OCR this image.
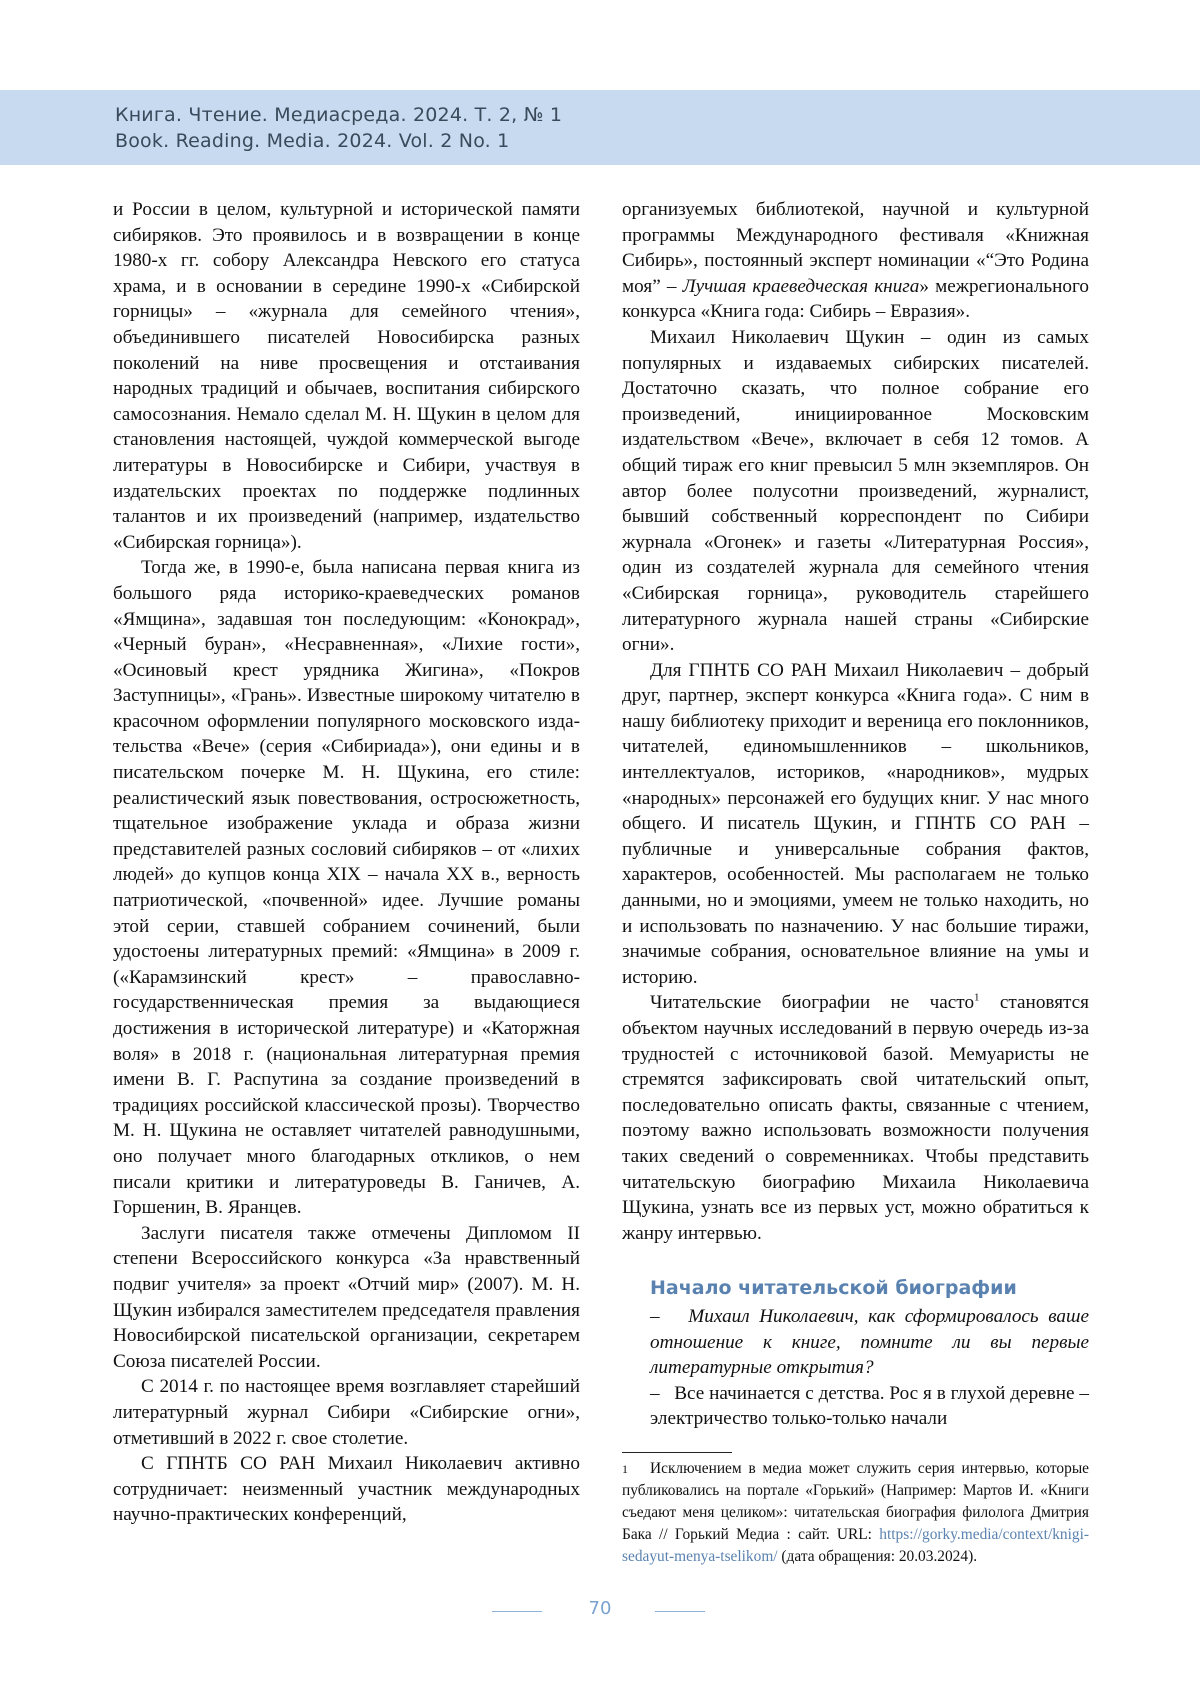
Книга. Чтение. Медиасреда. 2024. Т. 2, № 1
Book. Reading. Media. 2024. Vol. 2 No. 1

и России в целом, культурной и исторической памяти сибиряков. Это проявилось и в возвращении в конце 1980-х гг. собору Александра Невского его статуса храма, и в основании в середине 1990-х «Сибирской горницы» – «журнала для семейного чтения», объединившего писателей Новосибирска разных поколений на ниве просвещения и отстаивания народных традиций и обычаев, воспитания сибирского самосознания. Немало сделал М. Н. Щукин в целом для становления настоящей, чуждой коммерческой выгоде литературы в Новосибирске и Сибири, участвуя в издательских проектах по поддержке подлинных талантов и их произведений (например, издательство «Сибирская горница»).

Тогда же, в 1990-е, была написана первая книга из большого ряда историко-краеведческих романов «Ямщина», задавшая тон последующим: «Конокрад», «Черный буран», «Несравненная», «Лихие гости», «Осиновый крест урядника Жигина», «Покров Заступницы», «Грань». Известные широкому читателю в красочном оформлении популярного московского издательства «Вече» (серия «Сибириада»), они едины и в писательском почерке М. Н. Щукина, его стиле: реалистический язык повествования, остросюжетность, тщательное изображение уклада и образа жизни представителей разных сословий сибиряков – от «лихих людей» до купцов конца XIX – начала XX в., верность патриотической, «почвенной» идее. Лучшие романы этой серии, ставшей собранием сочинений, были удостоены литературных премий: «Ямщина» в 2009 г. («Карамзинский крест» – православно-государственническая премия за выдающиеся достижения в исторической литературе) и «Каторжная воля» в 2018 г. (национальная литературная премия имени В. Г. Распутина за создание произведений в традициях российской классической прозы). Творчество М. Н. Щукина не оставляет читателей равнодушными, оно получает много благодарных откликов, о нем писали критики и литературоведы В. Ганичев, А. Горшенин, В. Яранцев.

Заслуги писателя также отмечены Дипломом II степени Всероссийского конкурса «За нравственный подвиг учителя» за проект «Отчий мир» (2007). М. Н. Щукин избирался заместителем председателя правления Новосибирской писательской организации, секретарем Союза писателей России.

С 2014 г. по настоящее время возглавляет старейший литературный журнал Сибири «Сибирские огни», отметивший в 2022 г. свое столетие.

С ГПНТБ СО РАН Михаил Николаевич активно сотрудничает: неизменный участник международных научно-практических конференций,

организуемых библиотекой, научной и культурной программы Международного фестиваля «Книжная Сибирь», постоянный эксперт номинации «“Это Родина моя” – Лучшая краеведческая книга» межрегионального конкурса «Книга года: Сибирь – Евразия».

Михаил Николаевич Щукин – один из самых популярных и издаваемых сибирских писателей. Достаточно сказать, что полное собрание его произведений, инициированное Московским издательством «Вече», включает в себя 12 томов. А общий тираж его книг превысил 5 млн экземпляров. Он автор более полусотни произведений, журналист, бывший собственный корреспондент по Сибири журнала «Огонек» и газеты «Литературная Россия», один из создателей журнала для семейного чтения «Сибирская горница», руководитель старейшего литературного журнала нашей страны «Сибирские огни».

Для ГПНТБ СО РАН Михаил Николаевич – добрый друг, партнер, эксперт конкурса «Книга года». С ним в нашу библиотеку приходит и вереница его поклонников, читателей, единомышленников – школьников, интеллектуалов, историков, «народников», мудрых «народных» персонажей его будущих книг. У нас много общего. И писатель Щукин, и ГПНТБ СО РАН – публичные и универсальные собрания фактов, характеров, особенностей. Мы располагаем не только данными, но и эмоциями, умеем не только находить, но и использовать по назначению. У нас большие тиражи, значимые собрания, основательное влияние на умы и историю.

Читательские биографии не часто$^1$ становятся объектом научных исследований в первую очередь из-за трудностей с источниковой базой. Мемуаристы не стремятся зафиксировать свой читательский опыт, последовательно описать факты, связанные с чтением, поэтому важно использовать возможности получения таких сведений о современниках. Чтобы представить читательскую биографию Михаила Николаевича Щукина, узнать все из первых уст, можно обратиться к жанру интервью.

Начало читательской биографии

– Михаил Николаевич, как сформировалось ваше отношение к книге, помните ли вы первые литературные открытия?

– Все начинается с детства. Рос я в глухой деревне – электричество только-только начали

1 Исключением в медиа может служить серия интервью, которые публиковались на портале «Горький» (Например: Мартов И. «Книги съедают меня целиком»: читательская биография филолога Дмитрия Бака // Горький Медиа : сайт. URL: https://gorky.media/context/knigi-sedayut-menya-tselikom/ (дата обращения: 20.03.2024).
70
